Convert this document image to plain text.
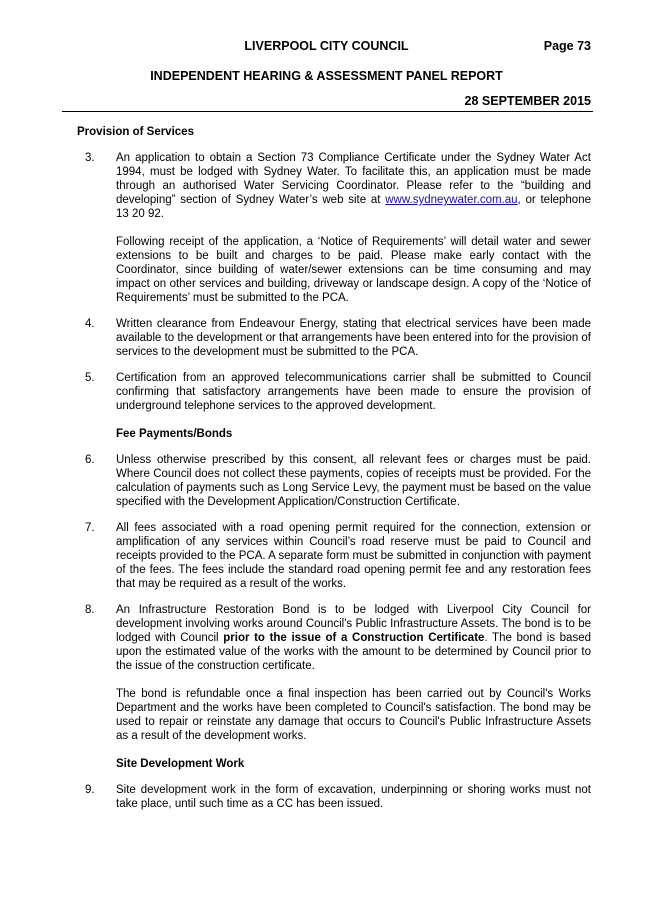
LIVERPOOL CITY COUNCIL	Page 73
INDEPENDENT HEARING & ASSESSMENT PANEL REPORT
28 SEPTEMBER 2015
Provision of Services
3. An application to obtain a Section 73 Compliance Certificate under the Sydney Water Act 1994, must be lodged with Sydney Water. To facilitate this, an application must be made through an authorised Water Servicing Coordinator. Please refer to the “building and developing” section of Sydney Water’s web site at www.sydneywater.com.au, or telephone 13 20 92.

Following receipt of the application, a ‘Notice of Requirements’ will detail water and sewer extensions to be built and charges to be paid. Please make early contact with the Coordinator, since building of water/sewer extensions can be time consuming and may impact on other services and building, driveway or landscape design. A copy of the ‘Notice of Requirements’ must be submitted to the PCA.

4. Written clearance from Endeavour Energy, stating that electrical services have been made available to the development or that arrangements have been entered into for the provision of services to the development must be submitted to the PCA.

5. Certification from an approved telecommunications carrier shall be submitted to Council confirming that satisfactory arrangements have been made to ensure the provision of underground telephone services to the approved development.

Fee Payments/Bonds
6. Unless otherwise prescribed by this consent, all relevant fees or charges must be paid. Where Council does not collect these payments, copies of receipts must be provided. For the calculation of payments such as Long Service Levy, the payment must be based on the value specified with the Development Application/Construction Certificate.

7. All fees associated with a road opening permit required for the connection, extension or amplification of any services within Council’s road reserve must be paid to Council and receipts provided to the PCA. A separate form must be submitted in conjunction with payment of the fees. The fees include the standard road opening permit fee and any restoration fees that may be required as a result of the works.

8. An Infrastructure Restoration Bond is to be lodged with Liverpool City Council for development involving works around Council's Public Infrastructure Assets. The bond is to be lodged with Council prior to the issue of a Construction Certificate. The bond is based upon the estimated value of the works with the amount to be determined by Council prior to the issue of the construction certificate.

The bond is refundable once a final inspection has been carried out by Council's Works Department and the works have been completed to Council's satisfaction. The bond may be used to repair or reinstate any damage that occurs to Council's Public Infrastructure Assets as a result of the development works.

Site Development Work
9. Site development work in the form of excavation, underpinning or shoring works must not take place, until such time as a CC has been issued.
